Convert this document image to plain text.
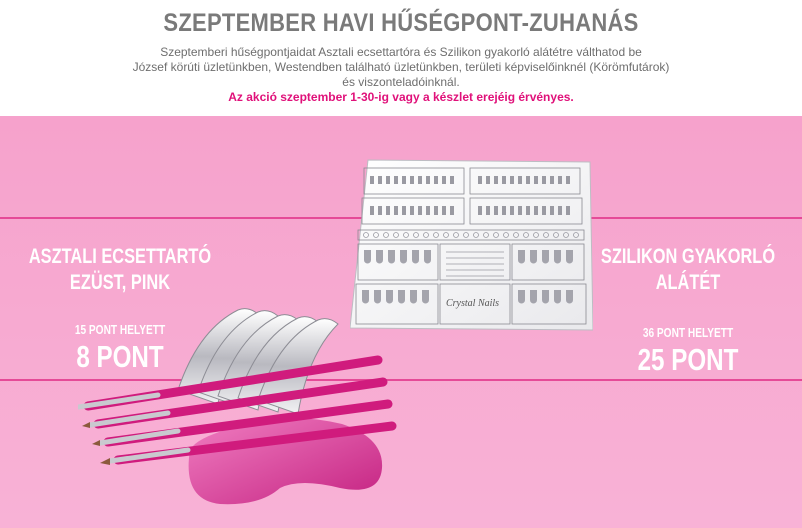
SZEPTEMBER HAVI HŰSÉGPONT-ZUHANÁS
Szeptemberi hűségpontjaidat Asztali ecsettartóra és Szilikon gyakorló alátétre válthatod be
József körúti üzletünkben, Westendben található üzletünkben, területi képviselőinknél (Körömfutárok)
és viszonteladóinknál.
Az akció szeptember 1-30-ig vagy a készlet erejéig érvényes.
Crystal Nails
ASZTALI ECSETTARTÓ
EZÜST, PINK
15 PONT HELYETT
8 PONT
SZILIKON GYAKORLÓ
ALÁTÉT
36 PONT HELYETT
25 PONT
